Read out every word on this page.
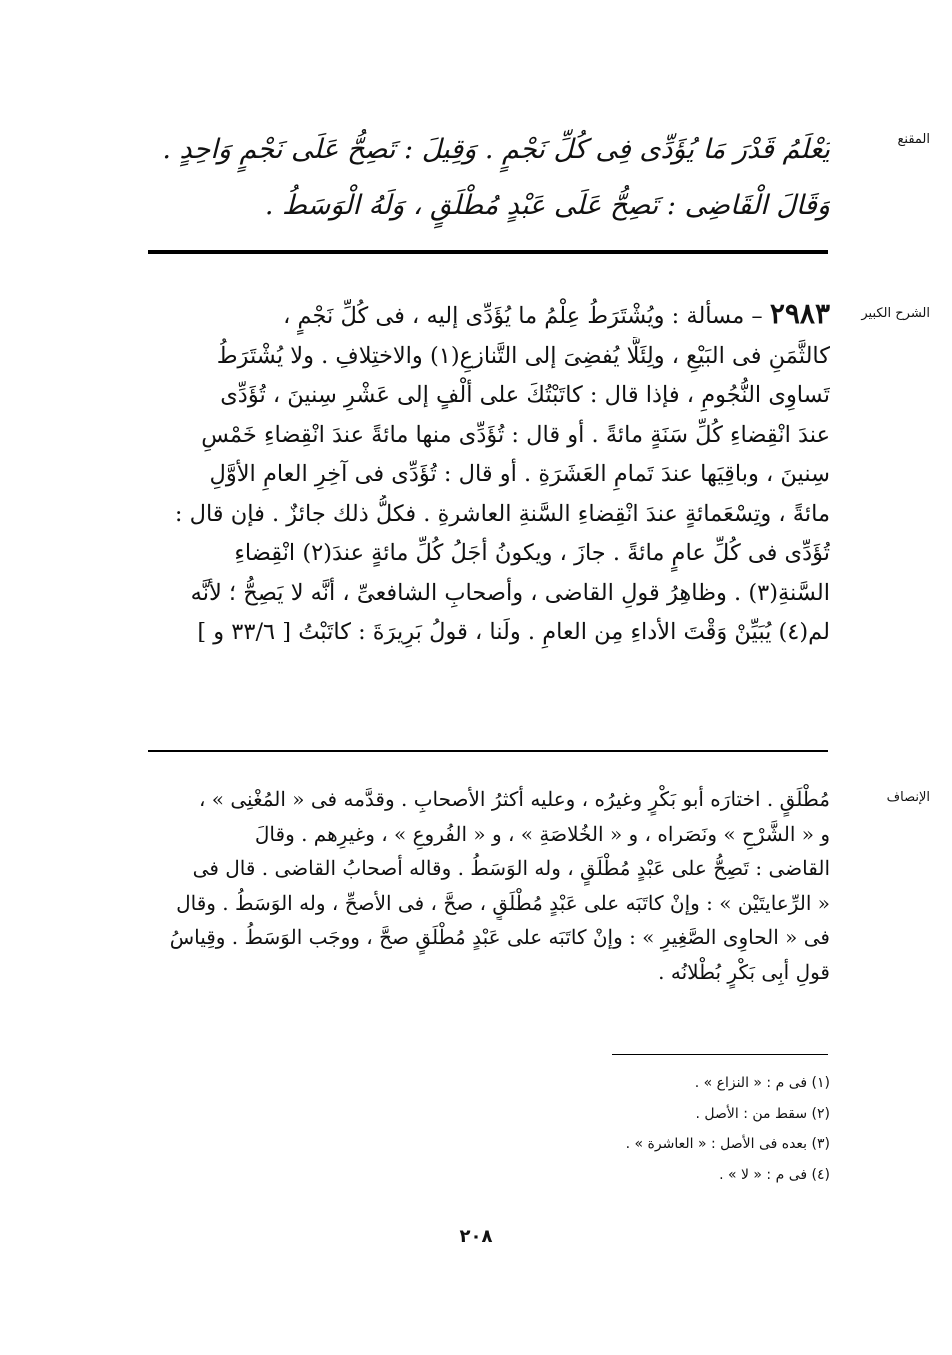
المقنع
يَعْلَمُ قَدْرَ مَا يُؤَدِّى فِى كُلِّ نَجْمٍ . وَقِيلَ : تَصِحُّ عَلَى نَجْمٍ وَاحِدٍ .
وَقَالَ الْقَاضِى : تَصِحُّ عَلَى عَبْدٍ مُطْلَقٍ ، وَلَهُ الْوَسَطُ .
الشرح الكبير
٢٩٨٣ – مسألة : ويُشْتَرَطُ عِلْمُ ما يُؤَدِّى إليه ، فى كُلِّ نَجْمٍ ،
كالثَّمَنِ فى البَيْعِ ، ولِئَلَّا يُفضِىَ إلى التَّنازعِ(١) والاختِلافِ . ولا يُشْتَرَطُ
تَساوِى النُّجُومِ ، فإذا قال : كاتَبْتُكَ على ألْفٍ إلى عَشْرِ سِنينَ ، تُؤَدِّى
عندَ انْقِضاءِ كُلِّ سَنَةٍ مائةً . أو قال : تُؤَدِّى منها مائةً عندَ انْقِضاءِ خَمْسِ
سِنينَ ، وباقِيَها عندَ تَمامِ العَشَرَةِ . أو قال : تُؤَدِّى فى آخِرِ العامِ الأوَّلِ
مائةً ، وتِسْعَمائةٍ عندَ انْقِضاءِ السَّنةِ العاشرةِ . فكلُّ ذلك جائزٌ . فإن قال :
تُؤَدِّى فى كُلِّ عامٍ مائةً . جازَ ، ويكونُ أجَلُ كُلِّ مائةٍ عندَ(٢) انْقِضاءِ
السَّنةِ(٣) . وظاهِرُ قولِ القاضى ، وأصحابِ الشافعىِّ ، أنَّه لا يَصِحُّ ؛ لأنَّه
لم(٤) يُبَيِّنْ وَقْتَ الأداءِ مِن العامِ . ولَنا ، قولُ بَرِيرَةَ : كاتَبْتُ [ ٣٣/٦ و ]
الإنصاف
مُطْلَقٍ . اختارَه أبو بَكْرٍ وغيرُه ، وعليه أكثرُ الأصحابِ . وقدَّمه فى « المُغْنِى » ،
و « الشَّرْحِ » ونَصَراه ، و « الخُلاصَةِ » ، و « الفُروعِ » ، وغيرِهم . وقالَ
القاضى : تَصِحُّ على عَبْدٍ مُطْلَقٍ ، وله الوَسَطُ . وقاله أصحابُ القاضى . قال فى
« الرِّعايتَيْن » : وإنْ كاتَبَه على عَبْدٍ مُطْلَقٍ ، صحَّ ، فى الأصحِّ ، وله الوَسَطُ . وقال
فى « الحاوِى الصَّغِيرِ » : وإنْ كاتَبَه على عَبْدٍ مُطْلَقٍ صحَّ ، ووجَب الوَسَطُ . وقِياسُ
قولِ أبِى بَكْرٍ بُطْلانُه .
(١) فى م : « النزاع » .
(٢) سقط من : الأصل .
(٣) بعده فى الأصل : « العاشرة » .
(٤) فى م : « لا » .
٢٠٨
